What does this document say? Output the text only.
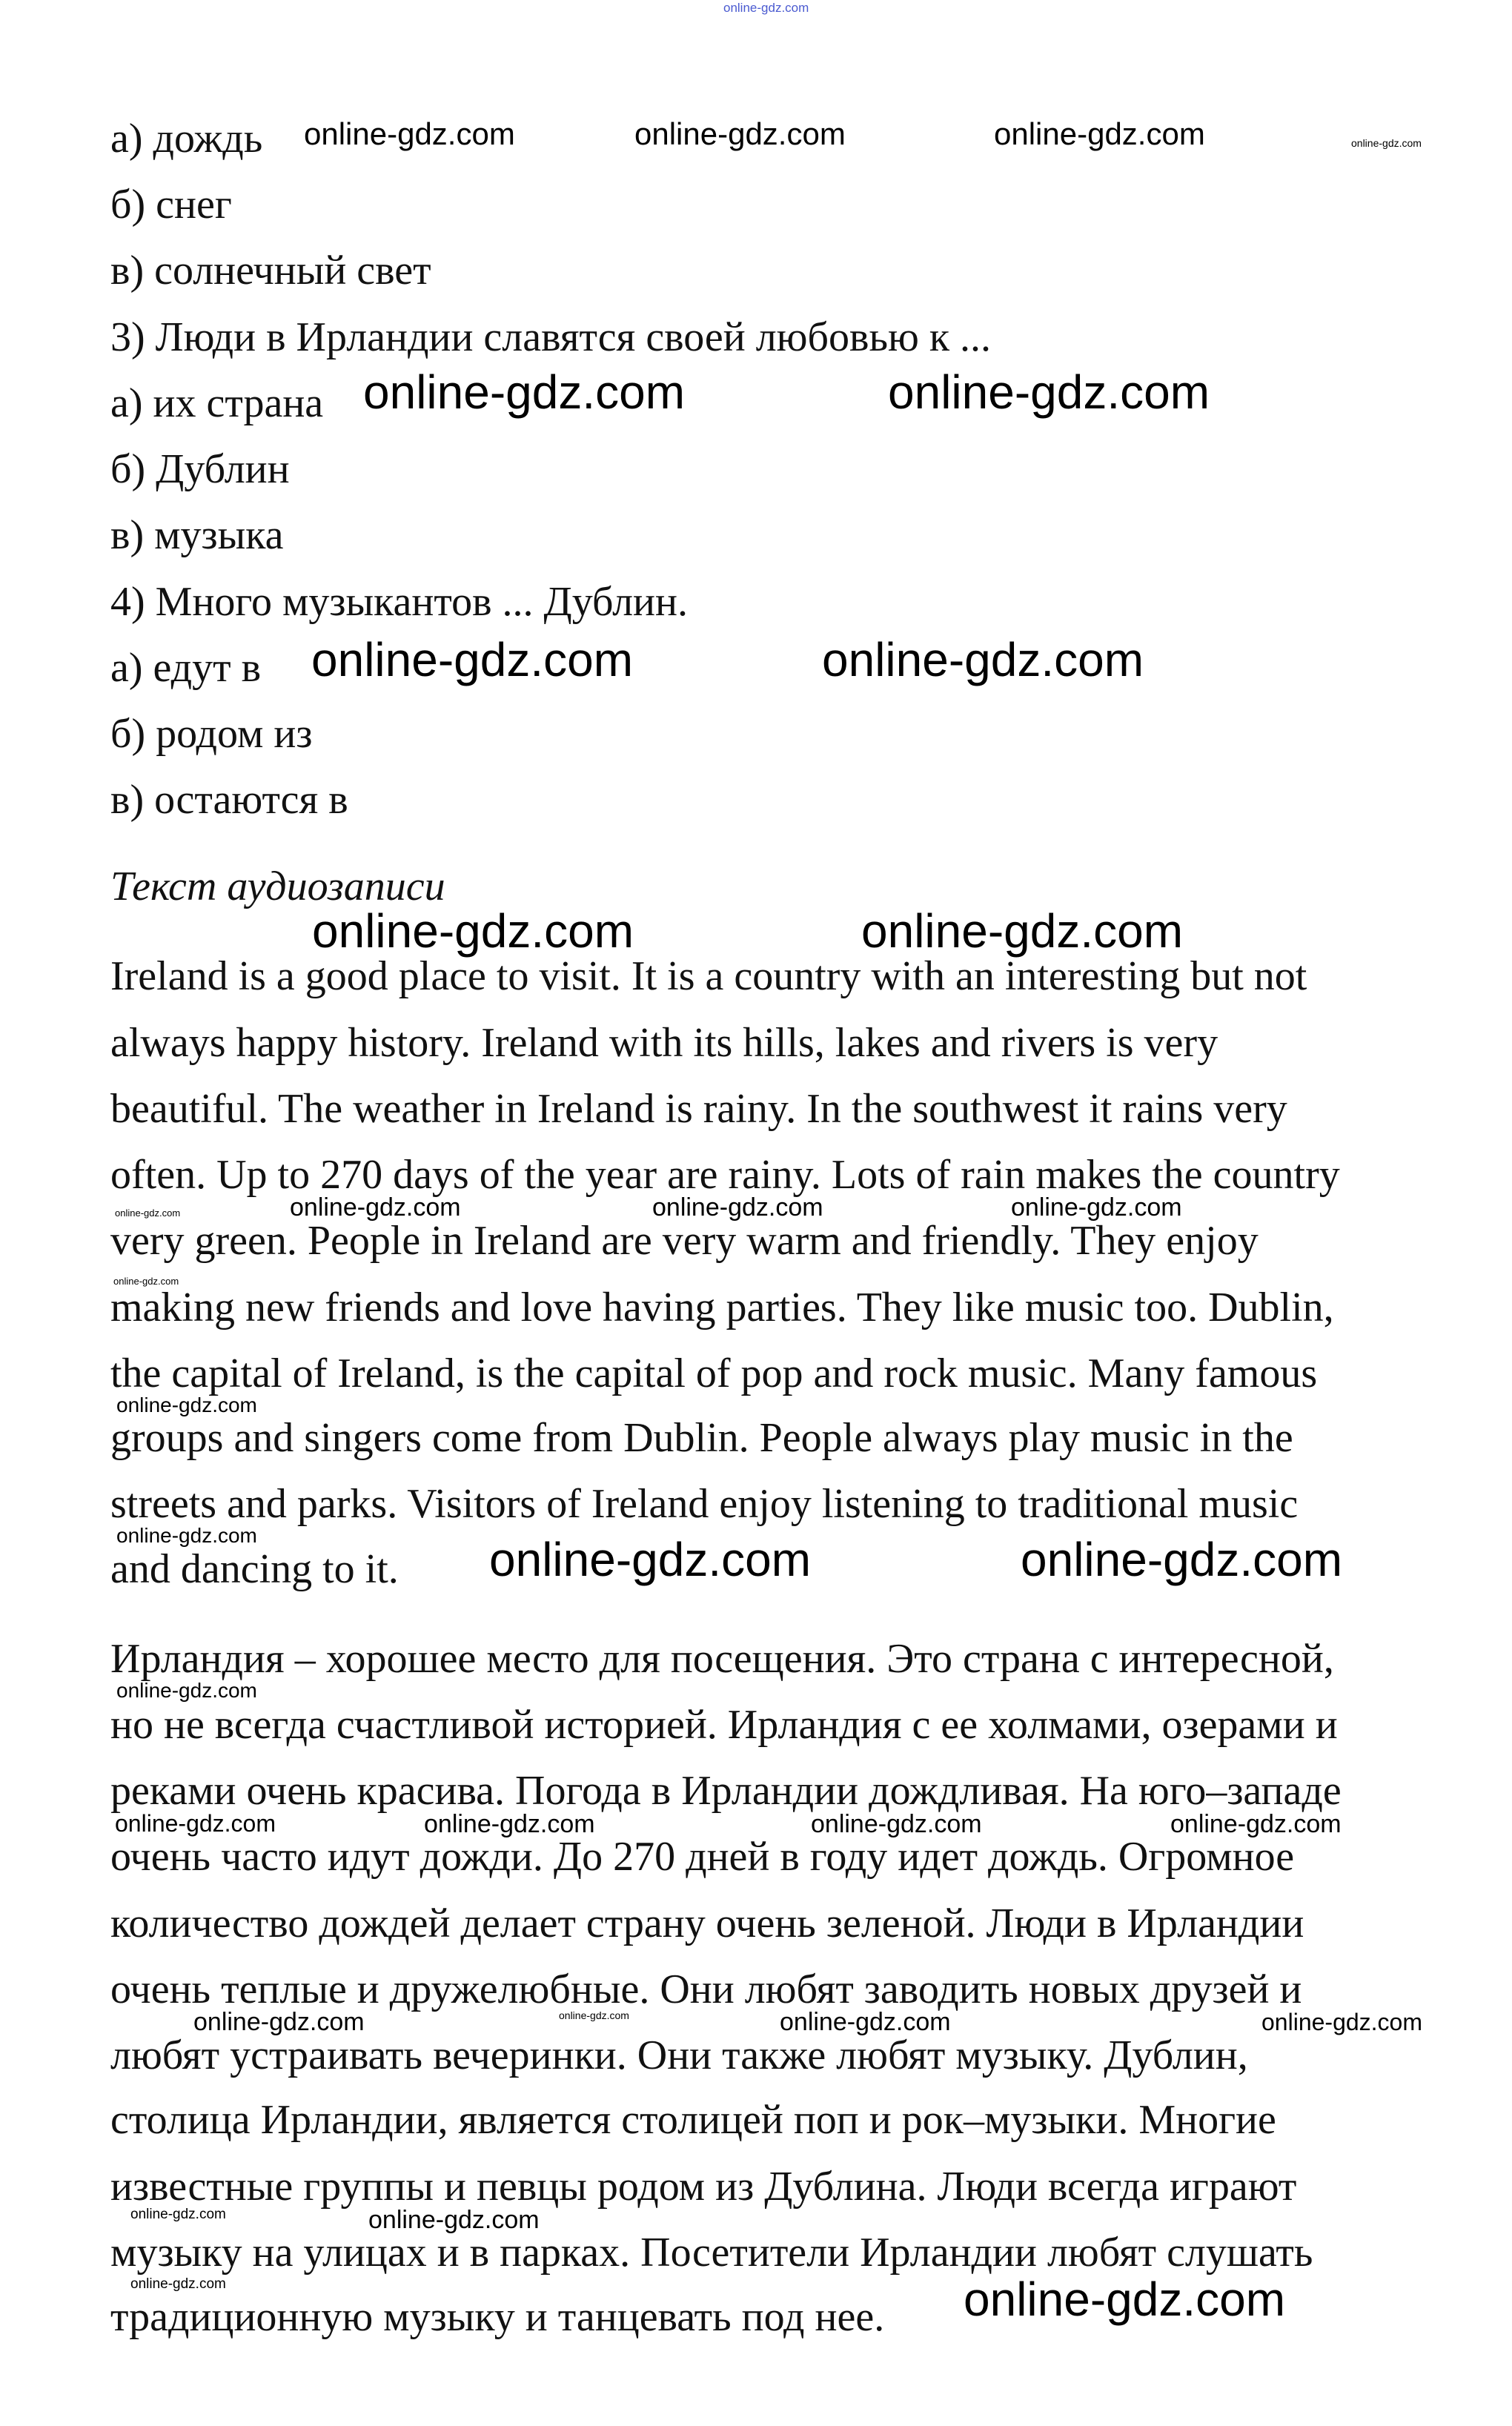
а) дождь
б) снег
в) солнечный свет
3) Люди в Ирландии славятся своей любовью к ...
а) их страна
б) Дублин
в) музыка
4) Много музыкантов ... Дублин.
а) едут в
б) родом из
в) остаются в
Текст аудиозаписи
Ireland is a good place to visit. It is a country with an interesting but not
always happy history. Ireland with its hills, lakes and rivers is very
beautiful. The weather in Ireland is rainy. In the southwest it rains very
often. Up to 270 days of the year are rainy. Lots of rain makes the country
very green. People in Ireland are very warm and friendly. They enjoy
making new friends and love having parties. They like music too. Dublin,
the capital of Ireland, is the capital of pop and rock music. Many famous
groups and singers come from Dublin. People always play music in the
streets and parks. Visitors of Ireland enjoy listening to traditional music
and dancing to it.
Ирландия – хорошее место для посещения. Это страна с интересной,
но не всегда счастливой историей. Ирландия с ее холмами, озерами и
реками очень красива. Погода в Ирландии дождливая. На юго–западе
очень часто идут дожди. До 270 дней в году идет дождь. Огромное
количество дождей делает страну очень зеленой. Люди в Ирландии
очень теплые и дружелюбные. Они любят заводить новых друзей и
любят устраивать вечеринки. Они также любят музыку. Дублин,
столица Ирландии, является столицей поп и рок–музыки. Многие
известные группы и певцы родом из Дублина. Люди всегда играют
музыку на улицах и в парках. Посетители Ирландии любят слушать
традиционную музыку и танцевать под нее.
online-gdz.com
online-gdz.com	online-gdz.com	online-gdz.com	online-gdz.com
online-gdz.com	online-gdz.com
online-gdz.com	online-gdz.com
online-gdz.com	online-gdz.com
online-gdz.com	online-gdz.com	online-gdz.com
online-gdz.com
online-gdz.com
online-gdz.com
online-gdz.com	online-gdz.com	online-gdz.com
online-gdz.com
online-gdz.com	online-gdz.com	online-gdz.com	online-gdz.com
online-gdz.com	online-gdz.com	online-gdz.com	online-gdz.com
online-gdz.com	online-gdz.com
online-gdz.com	online-gdz.com
